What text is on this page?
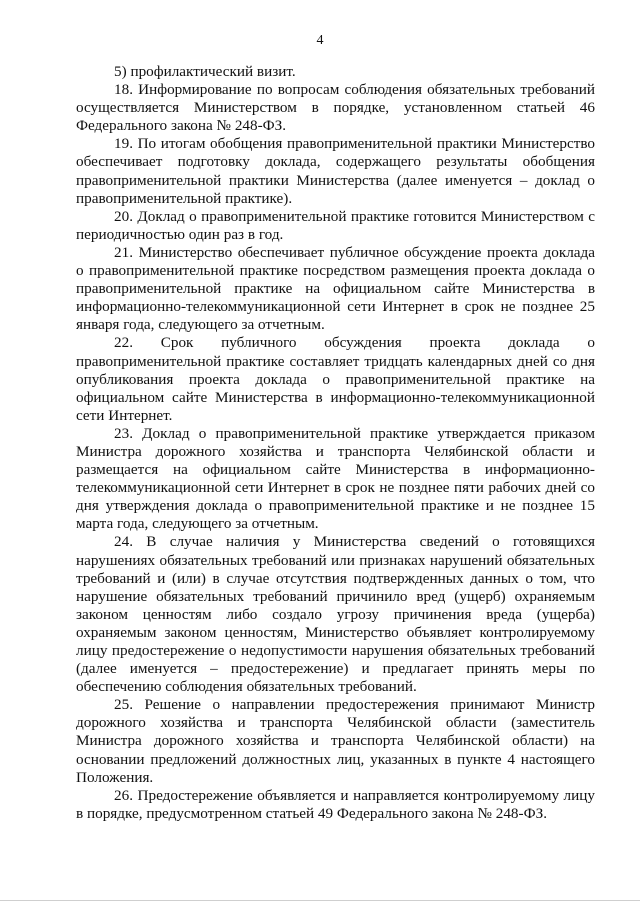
4

5) профилактический визит.

18. Информирование по вопросам соблюдения обязательных требований осуществляется Министерством в порядке, установленном статьей 46 Федерального закона № 248-ФЗ.

19. По итогам обобщения правоприменительной практики Министерство обеспечивает подготовку доклада, содержащего результаты обобщения правоприменительной практики Министерства (далее именуется – доклад о правоприменительной практике).

20. Доклад о правоприменительной практике готовится Министерством с периодичностью один раз в год.

21. Министерство обеспечивает публичное обсуждение проекта доклада о правоприменительной практике посредством размещения проекта доклада о правоприменительной практике на официальном сайте Министерства в информационно-телекоммуникационной сети Интернет в срок не позднее 25 января года, следующего за отчетным.

22. Срок публичного обсуждения проекта доклада о правоприменительной практике составляет тридцать календарных дней со дня опубликования проекта доклада о правоприменительной практике на официальном сайте Министерства в информационно-телекоммуникационной сети Интернет.

23. Доклад о правоприменительной практике утверждается приказом Министра дорожного хозяйства и транспорта Челябинской области и размещается на официальном сайте Министерства в информационно-телекоммуникационной сети Интернет в срок не позднее пяти рабочих дней со дня утверждения доклада о правоприменительной практике и не позднее 15 марта года, следующего за отчетным.

24. В случае наличия у Министерства сведений о готовящихся нарушениях обязательных требований или признаках нарушений обязательных требований и (или) в случае отсутствия подтвержденных данных о том, что нарушение обязательных требований причинило вред (ущерб) охраняемым законом ценностям либо создало угрозу причинения вреда (ущерба) охраняемым законом ценностям, Министерство объявляет контролируемому лицу предостережение о недопустимости нарушения обязательных требований (далее именуется – предостережение) и предлагает принять меры по обеспечению соблюдения обязательных требований.

25. Решение о направлении предостережения принимают Министр дорожного хозяйства и транспорта Челябинской области (заместитель Министра дорожного хозяйства и транспорта Челябинской области) на основании предложений должностных лиц, указанных в пункте 4 настоящего Положения.

26. Предостережение объявляется и направляется контролируемому лицу в порядке, предусмотренном статьей 49 Федерального закона № 248-ФЗ.
